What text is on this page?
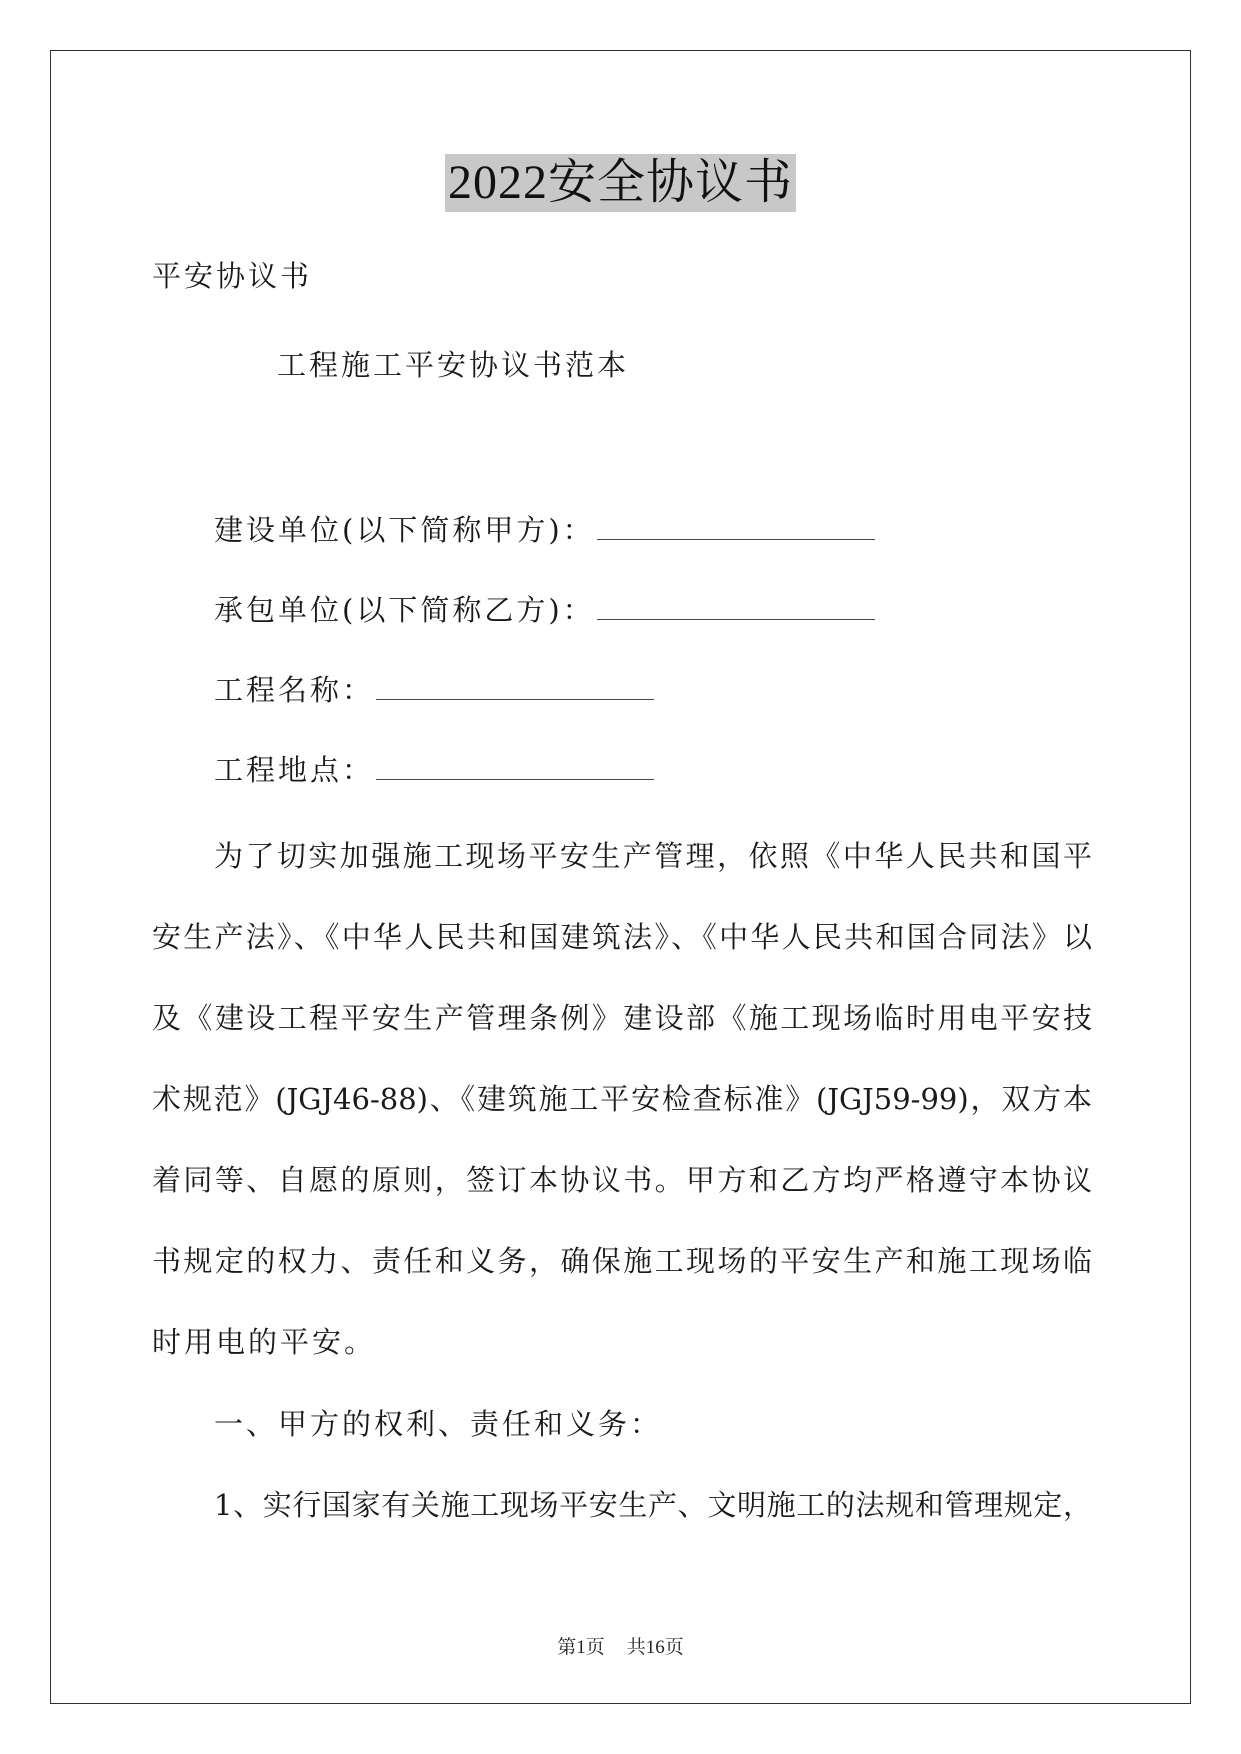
2022安全协议书
平安协议书
工程施工平安协议书范本
建设单位(以下简称甲方)：
承包单位(以下简称乙方)：
工程名称：
工程地点：
为了切实加强施工现场平安生产管理，依照《中华人民共和国平
安生产法》、《中华人民共和国建筑法》、《中华人民共和国合同法》以
及《建设工程平安生产管理条例》建设部《施工现场临时用电平安技
术规范》(JGJ46-88)、《建筑施工平安检查标准》(JGJ59-99)，双方本
着同等、自愿的原则，签订本协议书。甲方和乙方均严格遵守本协议
书规定的权力、责任和义务，确保施工现场的平安生产和施工现场临
时用电的平安。
一、甲方的权利、责任和义务：
1、实行国家有关施工现场平安生产、文明施工的法规和管理规定，
第1页 共16页
